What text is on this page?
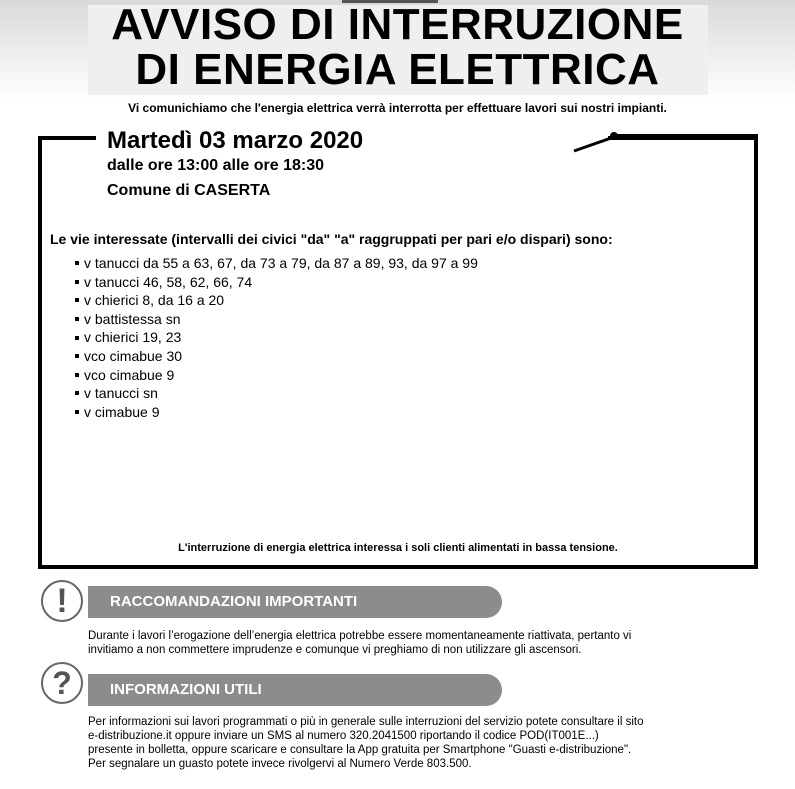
AVVISO DI INTERRUZIONE
DI ENERGIA ELETTRICA
Vi comunichiamo che l'energia elettrica verrà interrotta per effettuare lavori sui nostri impianti.
Martedì 03 marzo 2020
dalle ore 13:00 alle ore 18:30
Comune di CASERTA
Le vie interessate (intervalli dei civici "da" "a" raggruppati per pari e/o dispari) sono:
v tanucci da 55 a 63, 67, da 73 a 79, da 87 a 89, 93, da 97 a 99
v tanucci 46, 58, 62, 66, 74
v chierici 8, da 16 a 20
v battistessa sn
v chierici 19, 23
vco cimabue 30
vco cimabue 9
v tanucci sn
v cimabue 9
L'interruzione di energia elettrica interessa i soli clienti alimentati in bassa tensione.
!	RACCOMANDAZIONI IMPORTANTI
Durante i lavori l’erogazione dell’energia elettrica potrebbe essere momentaneamente riattivata, pertanto vi
invitiamo a non commettere imprudenze e comunque vi preghiamo di non utilizzare gli ascensori.
?	INFORMAZIONI UTILI
Per informazioni sui lavori programmati o più in generale sulle interruzioni del servizio potete consultare il sito
e-distribuzione.it oppure inviare un SMS al numero 320.2041500 riportando il codice POD(IT001E...)
presente in bolletta, oppure scaricare e consultare la App gratuita per Smartphone "Guasti e-distribuzione".
Per segnalare un guasto potete invece rivolgervi al Numero Verde 803.500.
